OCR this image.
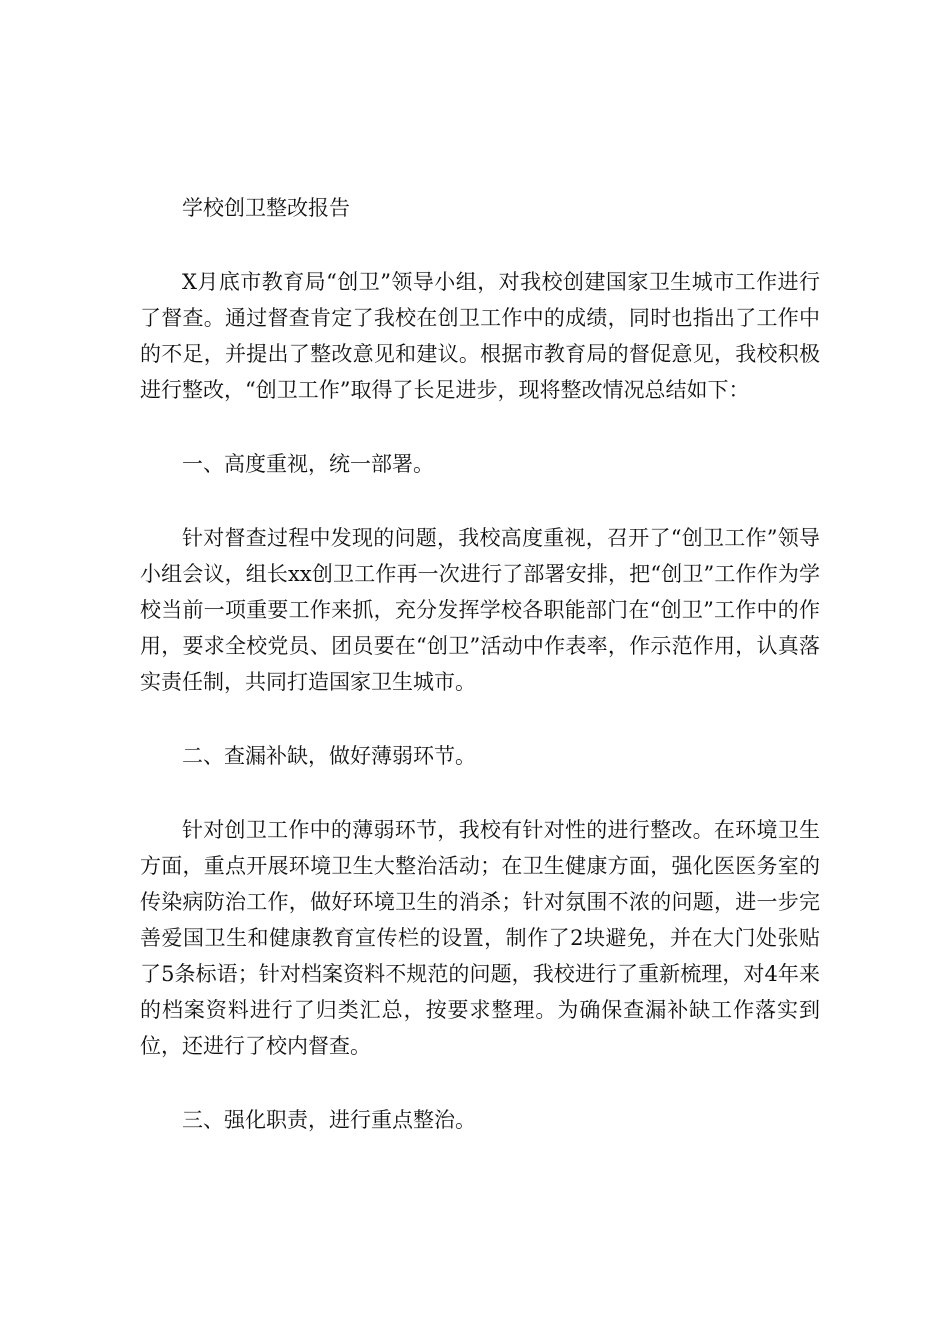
学校创卫整改报告

X月底市教育局“创卫”领导小组，对我校创建国家卫生城市工作进行了督查。通过督查肯定了我校在创卫工作中的成绩，同时也指出了工作中的不足，并提出了整改意见和建议。根据市教育局的督促意见，我校积极进行整改，“创卫工作”取得了长足进步，现将整改情况总结如下：

一、高度重视，统一部署。

针对督查过程中发现的问题，我校高度重视，召开了“创卫工作”领导小组会议，组长xx创卫工作再一次进行了部署安排，把“创卫”工作作为学校当前一项重要工作来抓，充分发挥学校各职能部门在“创卫”工作中的作用，要求全校党员、团员要在“创卫”活动中作表率，作示范作用，认真落实责任制，共同打造国家卫生城市。

二、查漏补缺，做好薄弱环节。

针对创卫工作中的薄弱环节，我校有针对性的进行整改。在环境卫生方面，重点开展环境卫生大整治活动；在卫生健康方面，强化医医务室的传染病防治工作，做好环境卫生的消杀；针对氛围不浓的问题，进一步完善爱国卫生和健康教育宣传栏的设置，制作了2块避免，并在大门处张贴了5条标语；针对档案资料不规范的问题，我校进行了重新梳理，对4年来的档案资料进行了归类汇总，按要求整理。为确保查漏补缺工作落实到位，还进行了校内督查。

三、强化职责，进行重点整治。
